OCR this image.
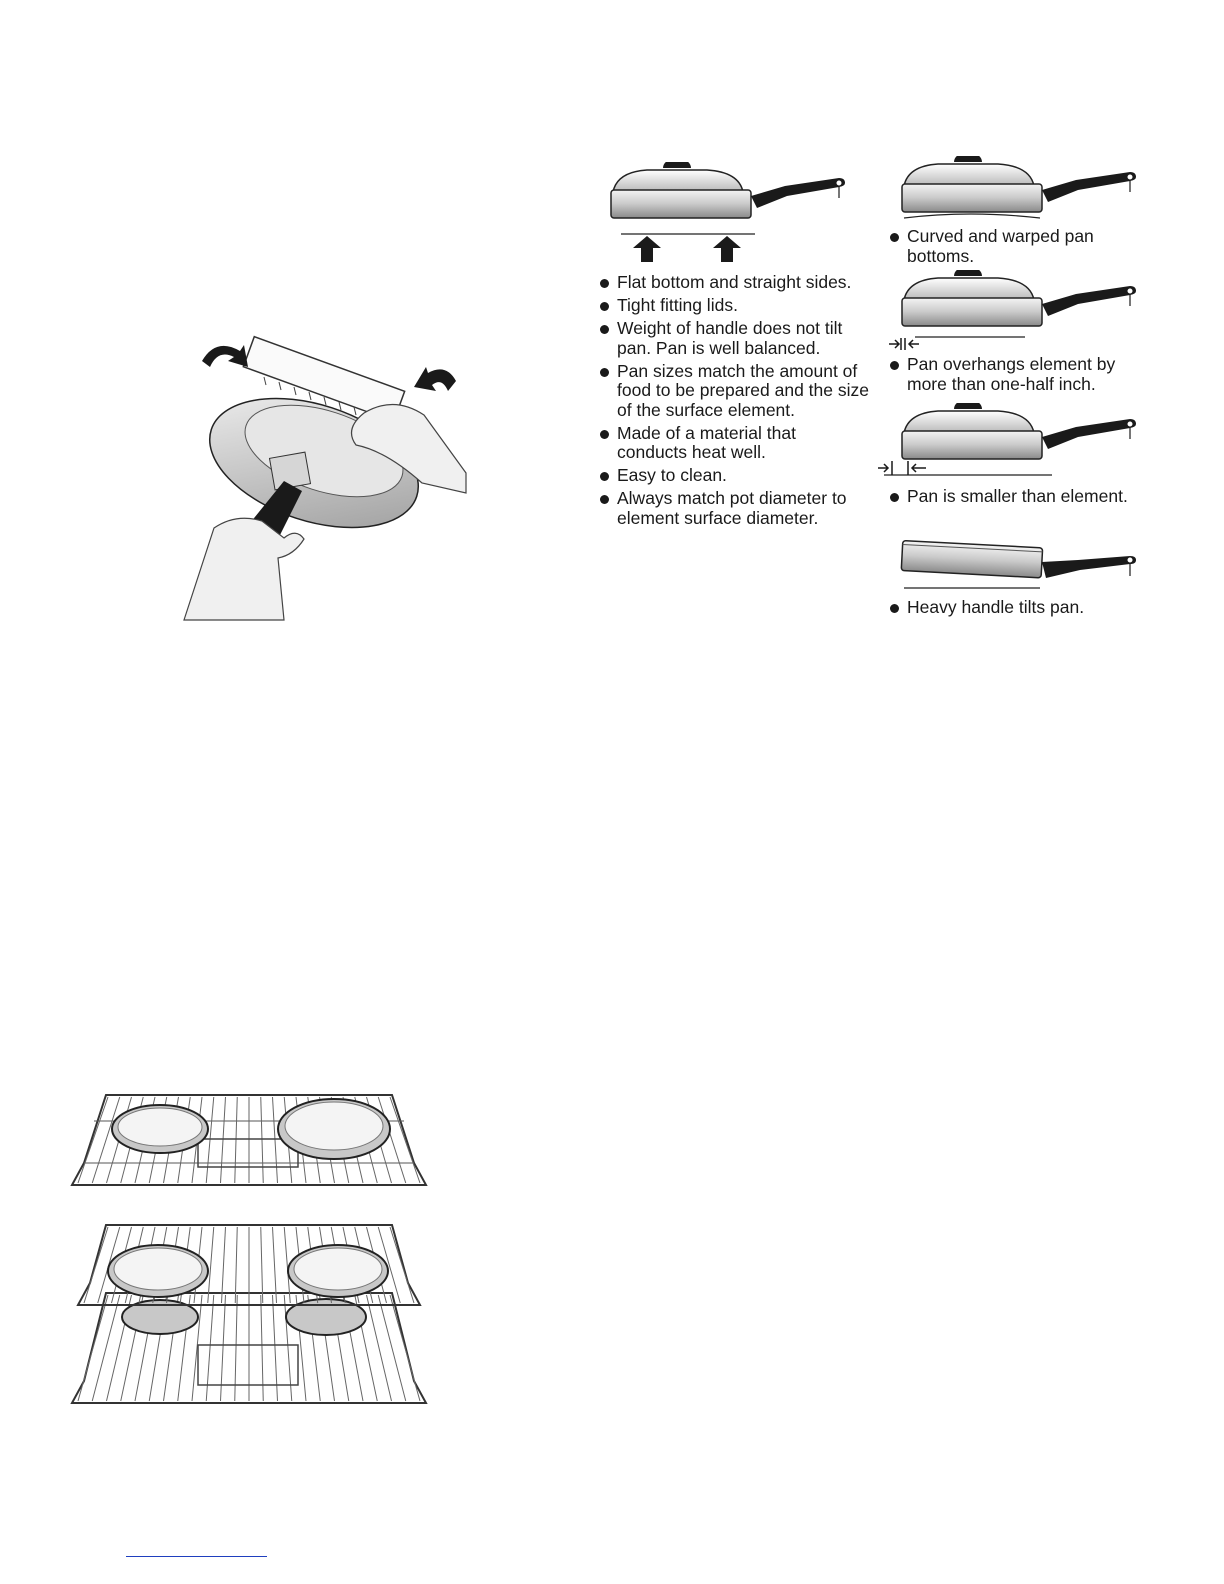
Flat bottom and straight sides.
Tight fitting lids.
Weight of handle does not tilt pan. Pan is well balanced.
Pan sizes match the amount of food to be prepared and the size of the surface element.
Made of a material that conducts heat well.
Easy to clean.
Always match pot diameter to element surface diameter.
Curved and warped pan bottoms.
Pan overhangs element by more than one-half inch.
Pan is smaller than element.
Heavy handle tilts pan.
